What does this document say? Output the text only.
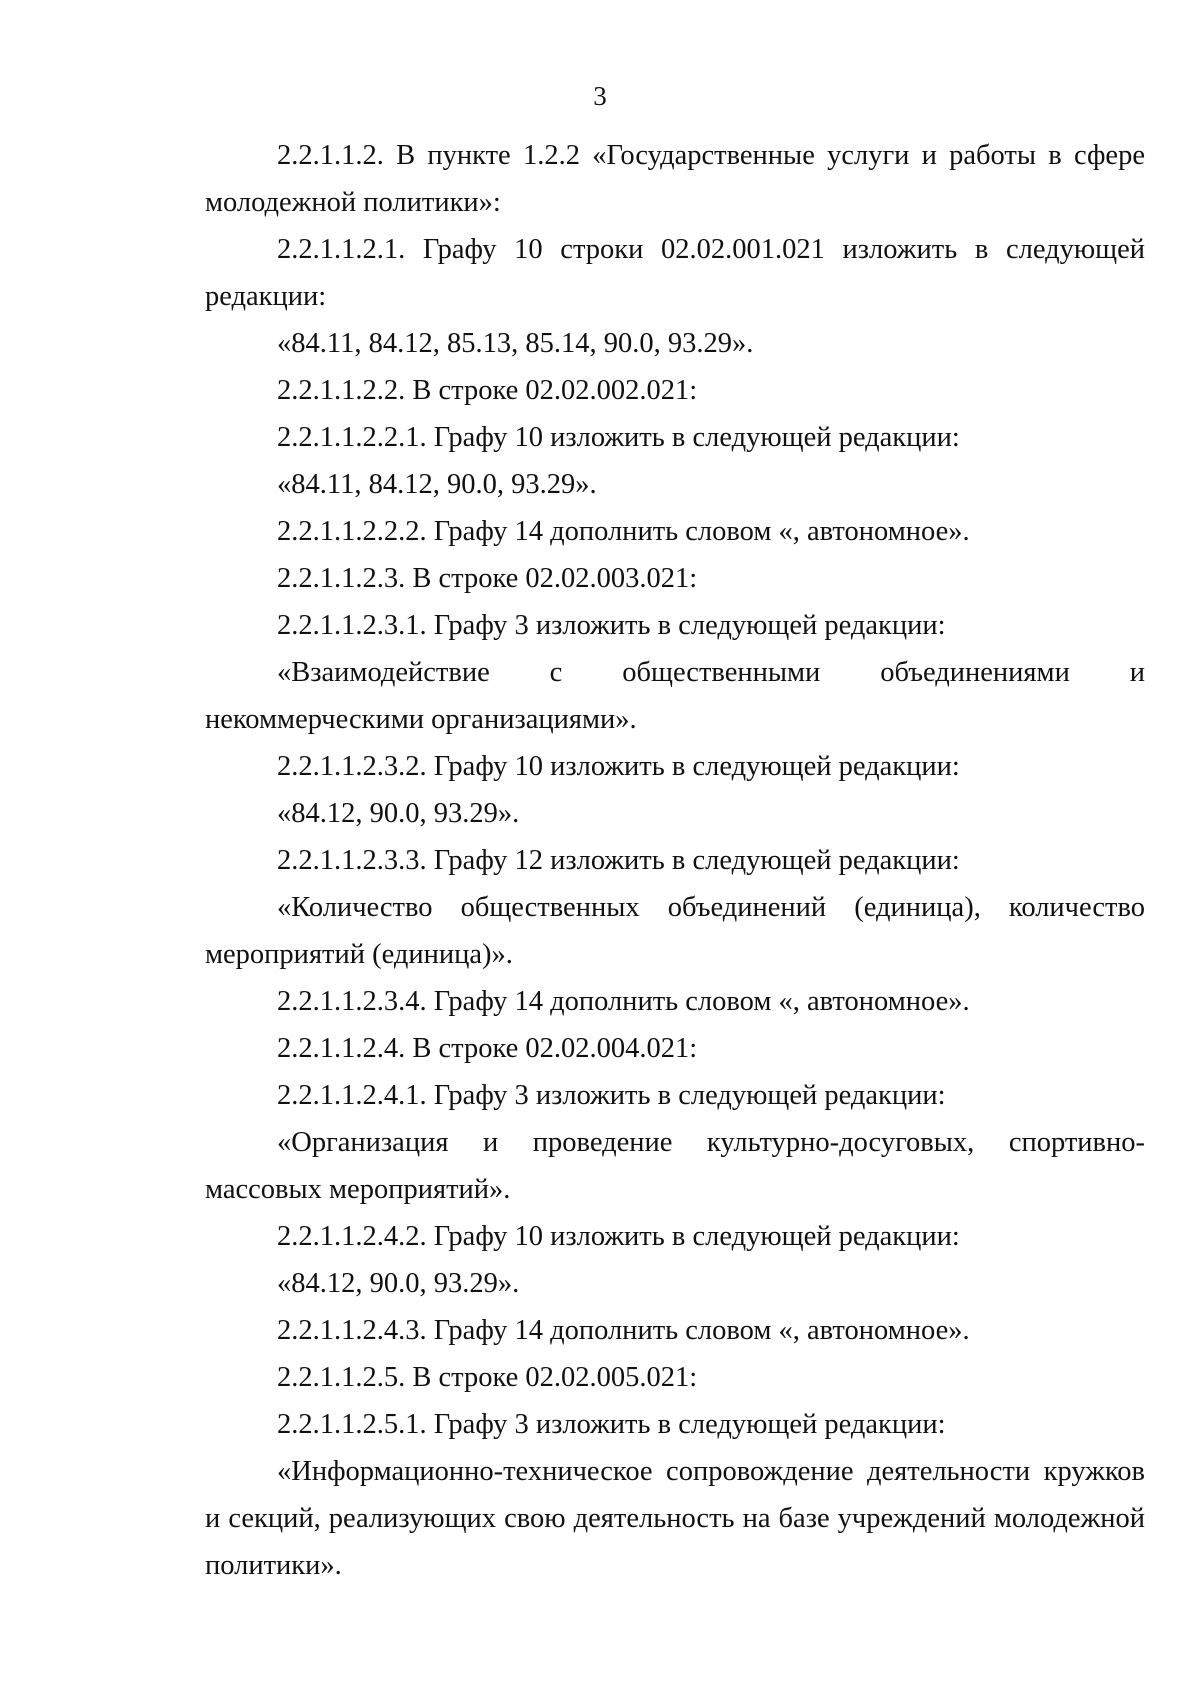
3

2.2.1.1.2. В пункте 1.2.2 «Государственные услуги и работы в сфере молодежной политики»:

2.2.1.1.2.1. Графу 10 строки 02.02.001.021 изложить в следующей редакции:

«84.11, 84.12, 85.13, 85.14, 90.0, 93.29».

2.2.1.1.2.2. В строке 02.02.002.021:

2.2.1.1.2.2.1. Графу 10 изложить в следующей редакции:

«84.11, 84.12, 90.0, 93.29».

2.2.1.1.2.2.2. Графу 14 дополнить словом «, автономное».

2.2.1.1.2.3. В строке 02.02.003.021:

2.2.1.1.2.3.1. Графу 3 изложить в следующей редакции:

«Взаимодействие с общественными объединениями и некоммерческими организациями».

2.2.1.1.2.3.2. Графу 10 изложить в следующей редакции:

«84.12, 90.0, 93.29».

2.2.1.1.2.3.3. Графу 12 изложить в следующей редакции:

«Количество общественных объединений (единица), количество мероприятий (единица)».

2.2.1.1.2.3.4. Графу 14 дополнить словом «, автономное».

2.2.1.1.2.4. В строке 02.02.004.021:

2.2.1.1.2.4.1. Графу 3 изложить в следующей редакции:

«Организация и проведение культурно-досуговых, спортивно-массовых мероприятий».

2.2.1.1.2.4.2. Графу 10 изложить в следующей редакции:

«84.12, 90.0, 93.29».

2.2.1.1.2.4.3. Графу 14 дополнить словом «, автономное».

2.2.1.1.2.5. В строке 02.02.005.021:

2.2.1.1.2.5.1. Графу 3 изложить в следующей редакции:

«Информационно-техническое сопровождение деятельности кружков и секций, реализующих свою деятельность на базе учреждений молодежной политики».
